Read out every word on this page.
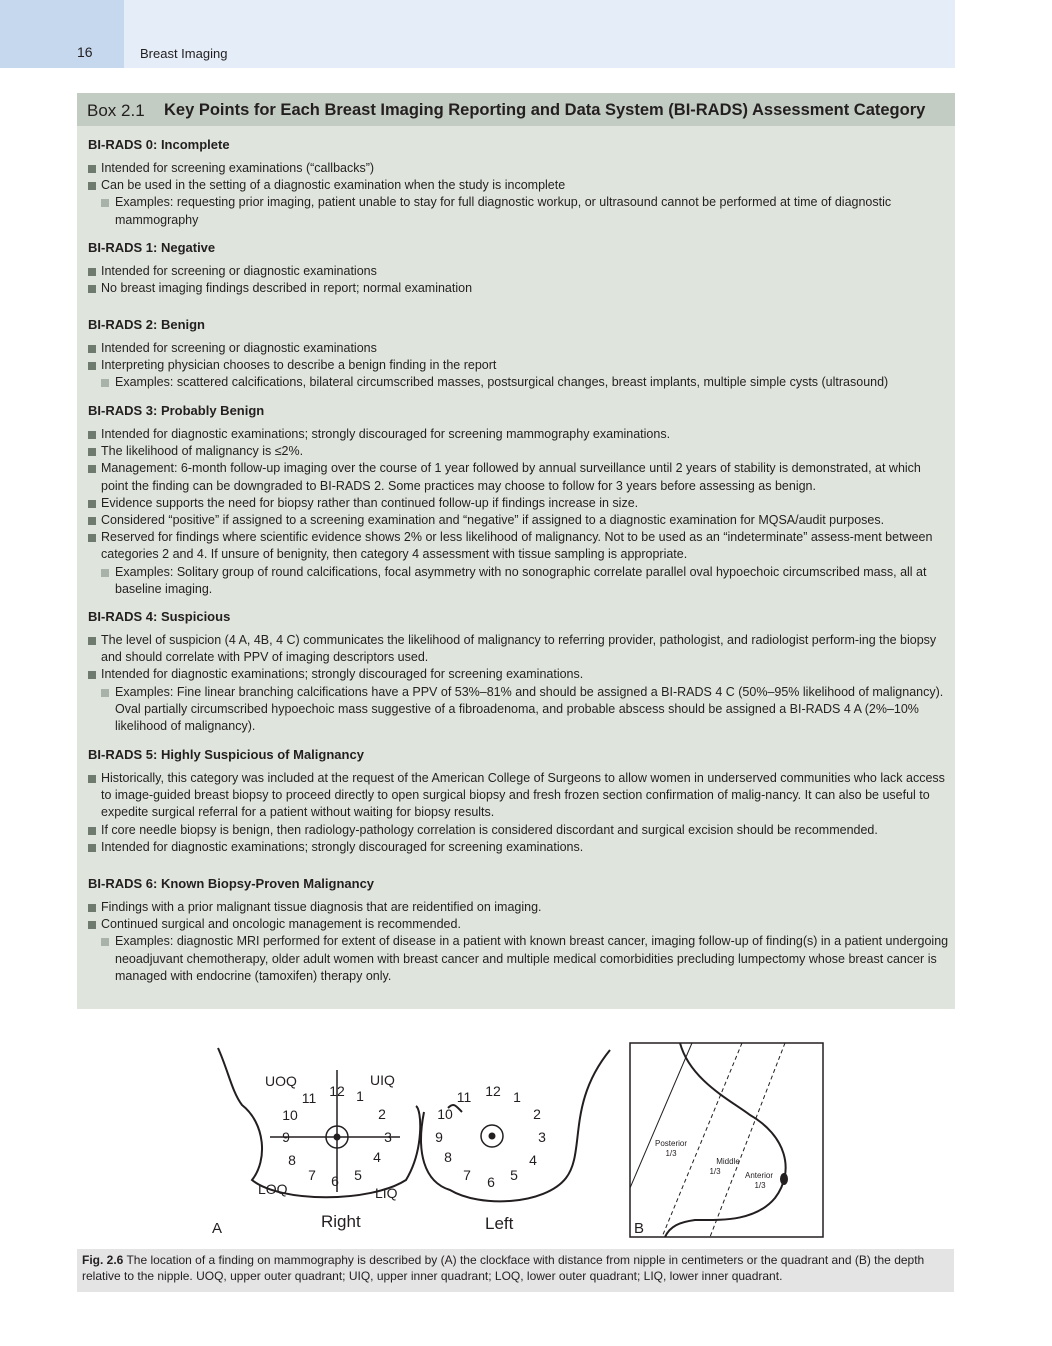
16	Breast Imaging
Box 2.1 Key Points for Each Breast Imaging Reporting and Data System (BI-RADS) Assessment Category
BI-RADS 0: Incomplete
Intended for screening examinations (“callbacks”)
Can be used in the setting of a diagnostic examination when the study is incomplete
Examples: requesting prior imaging, patient unable to stay for full diagnostic workup, or ultrasound cannot be performed at time of diagnostic mammography
BI-RADS 1: Negative
Intended for screening or diagnostic examinations
No breast imaging findings described in report; normal examination
BI-RADS 2: Benign
Intended for screening or diagnostic examinations
Interpreting physician chooses to describe a benign finding in the report
Examples: scattered calcifications, bilateral circumscribed masses, postsurgical changes, breast implants, multiple simple cysts (ultrasound)
BI-RADS 3: Probably Benign
Intended for diagnostic examinations; strongly discouraged for screening mammography examinations.
The likelihood of malignancy is ≤2%.
Management: 6-month follow-up imaging over the course of 1 year followed by annual surveillance until 2 years of stability is demonstrated, at which point the finding can be downgraded to BI-RADS 2. Some practices may choose to follow for 3 years before assessing as benign.
Evidence supports the need for biopsy rather than continued follow-up if findings increase in size.
Considered “positive” if assigned to a screening examination and “negative” if assigned to a diagnostic examination for MQSA/audit purposes.
Reserved for findings where scientific evidence shows 2% or less likelihood of malignancy. Not to be used as an “indeterminate” assess-ment between categories 2 and 4. If unsure of benignity, then category 4 assessment with tissue sampling is appropriate.
Examples: Solitary group of round calcifications, focal asymmetry with no sonographic correlate parallel oval hypoechoic circumscribed mass, all at baseline imaging.
BI-RADS 4: Suspicious
The level of suspicion (4 A, 4B, 4 C) communicates the likelihood of malignancy to referring provider, pathologist, and radiologist perform-ing the biopsy and should correlate with PPV of imaging descriptors used.
Intended for diagnostic examinations; strongly discouraged for screening examinations.
Examples: Fine linear branching calcifications have a PPV of 53%–81% and should be assigned a BI-RADS 4 C (50%–95% likelihood of malignancy). Oval partially circumscribed hypoechoic mass suggestive of a fibroadenoma, and probable abscess should be assigned a BI-RADS 4 A (2%–10% likelihood of malignancy).
BI-RADS 5: Highly Suspicious of Malignancy
Historically, this category was included at the request of the American College of Surgeons to allow women in underserved communities who lack access to image-guided breast biopsy to proceed directly to open surgical biopsy and fresh frozen section confirmation of malig-nancy. It can also be useful to expedite surgical referral for a patient without waiting for biopsy results.
If core needle biopsy is benign, then radiology-pathology correlation is considered discordant and surgical excision should be recommended.
Intended for diagnostic examinations; strongly discouraged for screening examinations.
BI-RADS 6: Known Biopsy-Proven Malignancy
Findings with a prior malignant tissue diagnosis that are reidentified on imaging.
Continued surgical and oncologic management is recommended.
Examples: diagnostic MRI performed for extent of disease in a patient with known breast cancer, imaging follow-up of finding(s) in a patient undergoing neoadjuvant chemotherapy, older adult women with breast cancer and multiple medical comorbidities precluding lumpectomy whose breast cancer is managed with endocrine (tamoxifen) therapy only.
UOQ	UIQ
LOQ	LIQ
12 1
2
3
4
5
6
7
8
9
10
11	12 1
2
3
4
5
6
7
8
9
10
11
A	Right	Left
Posterior
1/3
Middle
1/3	Anterior
1/3
B
Fig. 2.6 The location of a finding on mammography is described by (A) the clockface with distance from nipple in centimeters or the quadrant and (B) the depth relative to the nipple. UOQ, upper outer quadrant; UIQ, upper inner quadrant; LOQ, lower outer quadrant; LIQ, lower inner quadrant.
